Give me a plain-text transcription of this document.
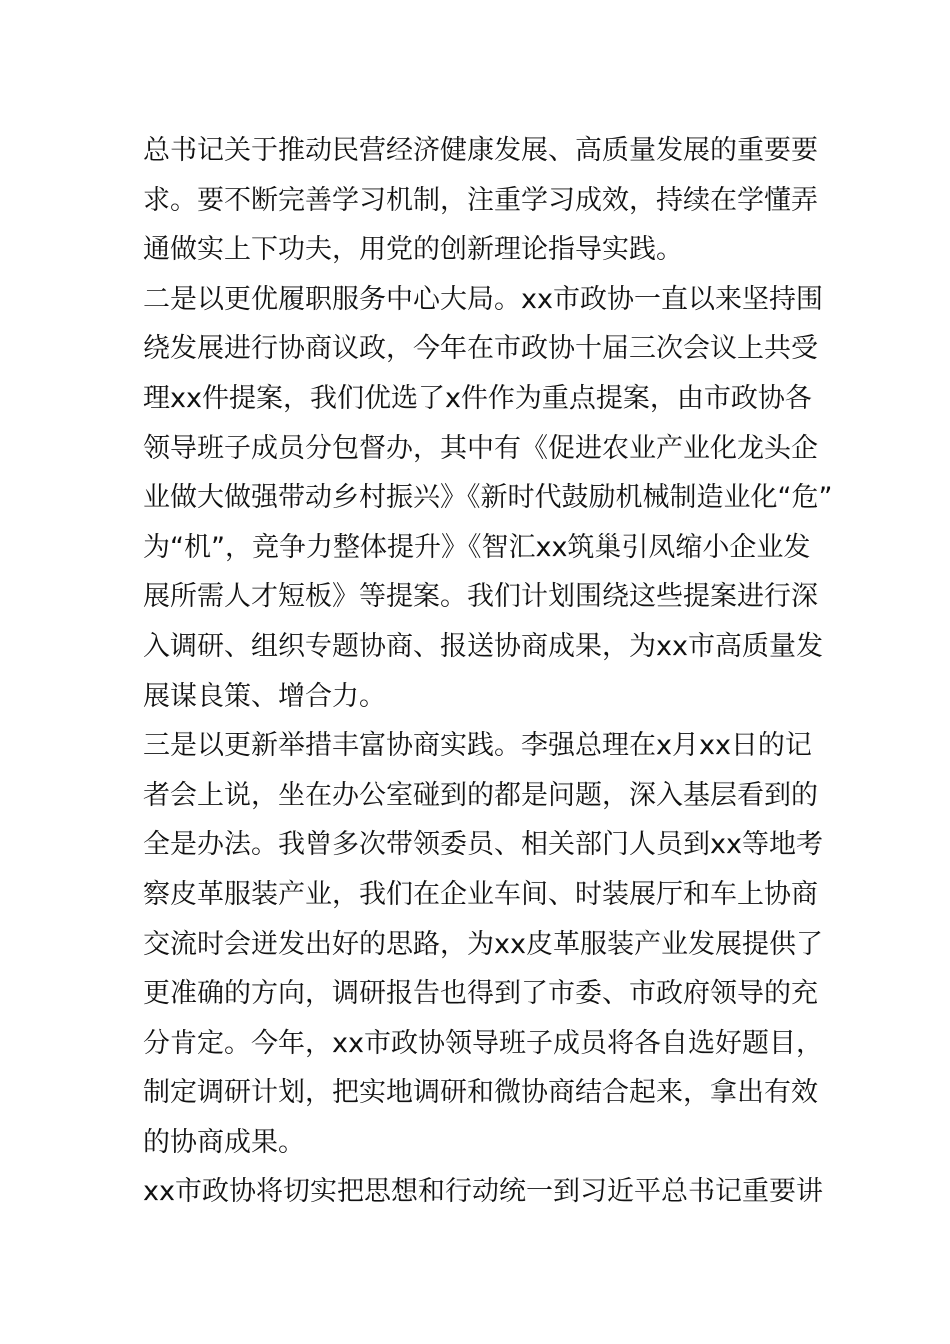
总书记关于推动民营经济健康发展、高质量发展的重要要
求。要不断完善学习机制，注重学习成效，持续在学懂弄
通做实上下功夫，用党的创新理论指导实践。

二是以更优履职服务中心大局。xx市政协一直以来坚持围
绕发展进行协商议政，今年在市政协十届三次会议上共受
理xx件提案，我们优选了x件作为重点提案，由市政协各
领导班子成员分包督办，其中有《促进农业产业化龙头企
业做大做强带动乡村振兴》《新时代鼓励机械制造业化“危”
为“机”，竞争力整体提升》《智汇xx筑巢引凤缩小企业发
展所需人才短板》等提案。我们计划围绕这些提案进行深
入调研、组织专题协商、报送协商成果，为xx市高质量发
展谋良策、增合力。

三是以更新举措丰富协商实践。李强总理在x月xx日的记
者会上说，坐在办公室碰到的都是问题，深入基层看到的
全是办法。我曾多次带领委员、相关部门人员到xx等地考
察皮革服装产业，我们在企业车间、时装展厅和车上协商
交流时会迸发出好的思路，为xx皮革服装产业发展提供了
更准确的方向，调研报告也得到了市委、市政府领导的充
分肯定。今年，xx市政协领导班子成员将各自选好题目，
制定调研计划，把实地调研和微协商结合起来，拿出有效
的协商成果。

xx市政协将切实把思想和行动统一到习近平总书记重要讲
